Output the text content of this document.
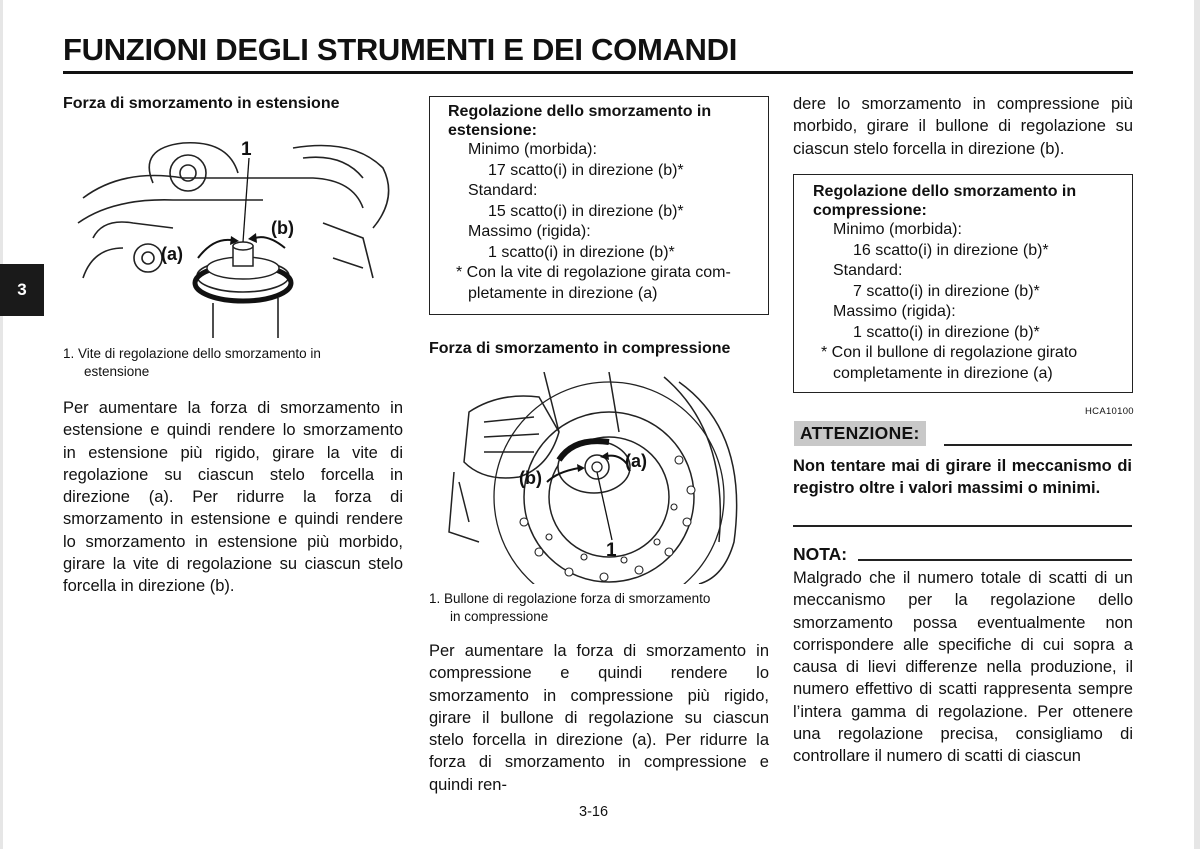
FUNZIONI DEGLI STRUMENTI E DEI COMANDI
3
Forza di smorzamento in estensione
1
(a)
(b)
1. Vite di regolazione dello smorzamento in
estensione
Per aumentare la forza di smorzamento in estensione e quindi rendere lo smorzamento in estensione più rigido, girare la vite di regolazione su ciascun stelo forcella in direzione (a). Per ridurre la forza di smorzamento in estensione e quindi rendere lo smorzamento in estensione più morbido, girare la vite di regolazione su ciascun stelo forcella in direzione (b).
Regolazione dello smorzamento in
estensione:
Minimo (morbida):
17 scatto(i) in direzione (b)*
Standard:
15 scatto(i) in direzione (b)*
Massimo (rigida):
1 scatto(i) in direzione (b)*
* Con la vite di regolazione girata com-
pletamente in direzione (a)
Forza di smorzamento in compressione
1
(a)
(b)
1. Bullone di regolazione forza di smorzamento
in compressione
Per aumentare la forza di smorzamento in compressione e quindi rendere lo smorzamento in compressione più rigido, girare il bullone di regolazione su ciascun stelo forcella in direzione (a). Per ridurre la forza di smorzamento in compressione e quindi ren-
dere lo smorzamento in compressione più morbido, girare il bullone di regolazione su ciascun stelo forcella in direzione (b).
Regolazione dello smorzamento in
compressione:
Minimo (morbida):
16 scatto(i) in direzione (b)*
Standard:
7 scatto(i) in direzione (b)*
Massimo (rigida):
1 scatto(i) in direzione (b)*
* Con il bullone di regolazione girato
completamente in direzione (a)
HCA10100
ATTENZIONE:
Non tentare mai di girare il meccanismo di registro oltre i valori massimi o minimi.
NOTA:
Malgrado che il numero totale di scatti di un meccanismo per la regolazione dello smorzamento possa eventualmente non corrispondere alle specifiche di cui sopra a causa di lievi differenze nella produzione, il numero effettivo di scatti rappresenta sempre l’intera gamma di regolazione. Per ottenere una regolazione precisa, consigliamo di controllare il numero di scatti di ciascun
3-16
